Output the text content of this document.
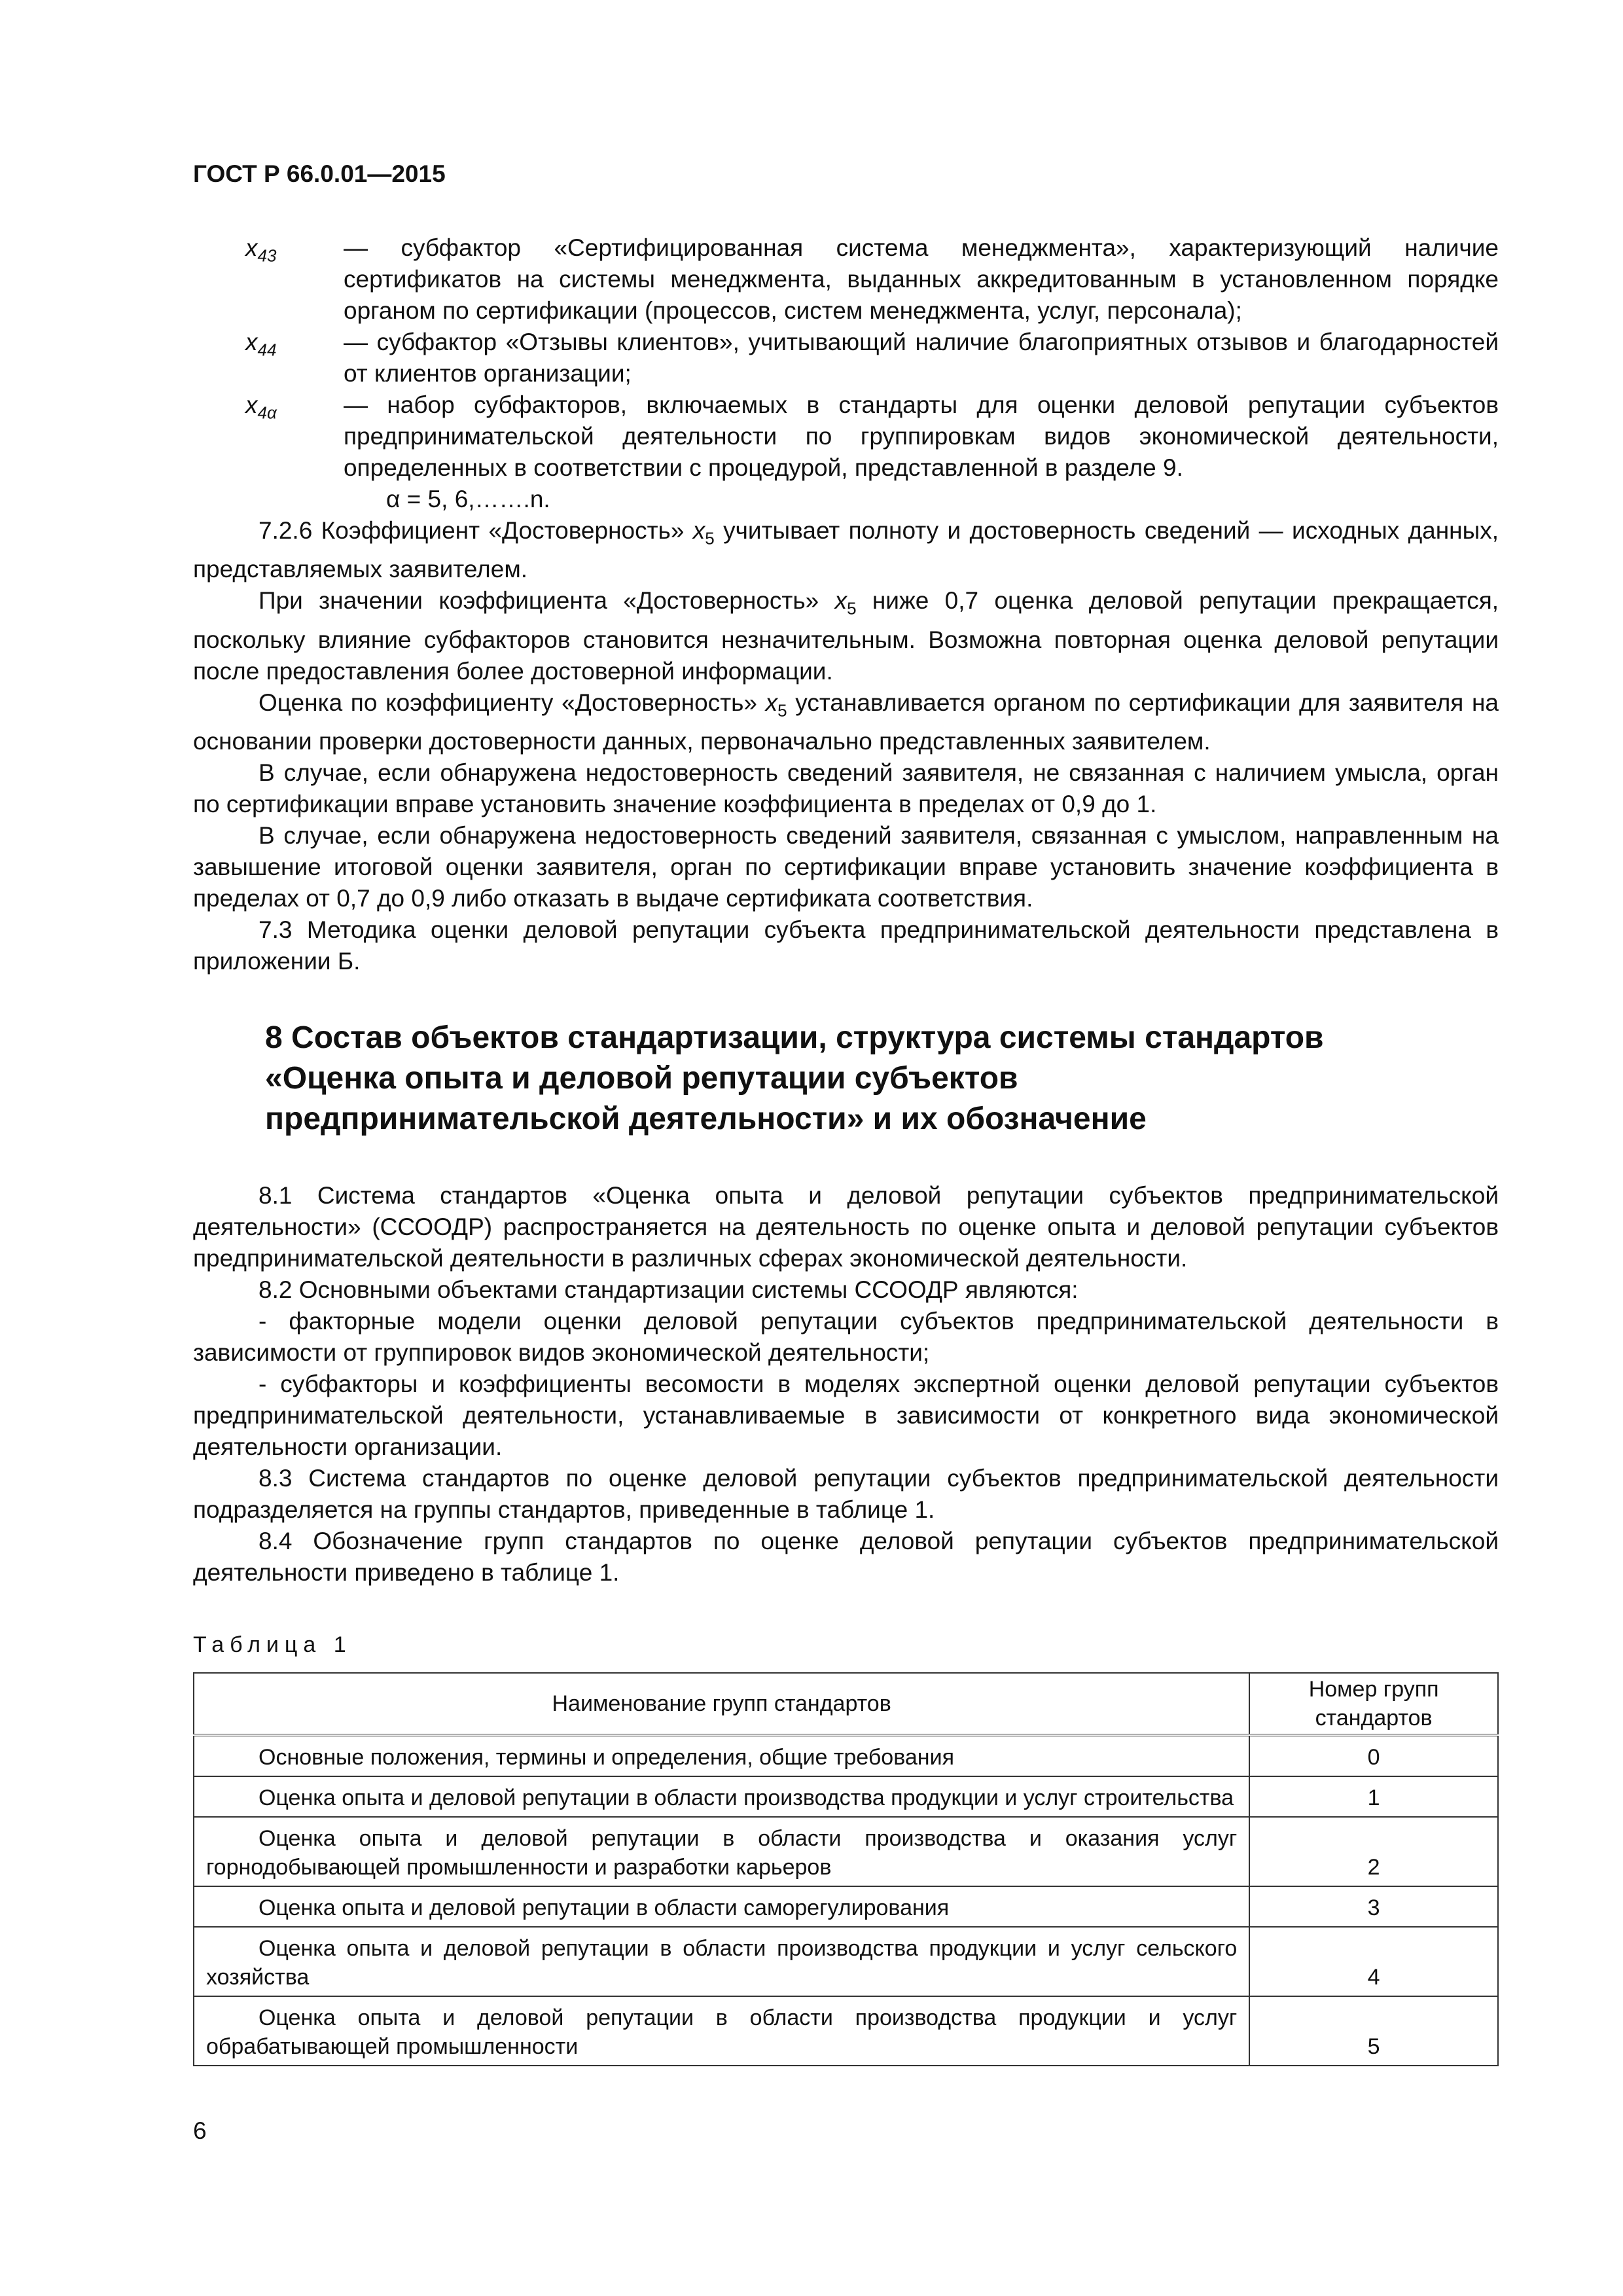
ГОСТ Р 66.0.01—2015
$x_{43}$	— субфактор «Сертифицированная система менеджмента», характеризующий наличие сертификатов на системы менеджмента, выданных аккредитованным в установленном порядке органом по сертификации (процессов, систем менеджмента, услуг, персонала);
$x_{44}$	— субфактор «Отзывы клиентов», учитывающий наличие благоприятных отзывов и благодарностей от клиентов организации;
$x_{4\alpha}$	— набор субфакторов, включаемых в стандарты для оценки деловой репутации субъектов предпринимательской деятельности по группировкам видов экономической деятельности, определенных в соответствии с процедурой, представленной в разделе 9.
α = 5, 6,…….n.

7.2.6 Коэффициент «Достоверность» $x_5$ учитывает полноту и достоверность сведений — исходных данных, представляемых заявителем.

При значении коэффициента «Достоверность» $x_5$ ниже 0,7 оценка деловой репутации прекращается, поскольку влияние субфакторов становится незначительным. Возможна повторная оценка деловой репутации после предоставления более достоверной информации.

Оценка по коэффициенту «Достоверность» $x_5$ устанавливается органом по сертификации для заявителя на основании проверки достоверности данных, первоначально представленных заявителем.

В случае, если обнаружена недостоверность сведений заявителя, не связанная с наличием умысла, орган по сертификации вправе установить значение коэффициента в пределах от 0,9 до 1.

В случае, если обнаружена недостоверность сведений заявителя, связанная с умыслом, направленным на завышение итоговой оценки заявителя, орган по сертификации вправе установить значение коэффициента в пределах от 0,7 до 0,9 либо отказать в выдаче сертификата соответствия.

7.3 Методика оценки деловой репутации субъекта предпринимательской деятельности представлена в приложении Б.

8 Состав объектов стандартизации, структура системы стандартов «Оценка опыта и деловой репутации субъектов предпринимательской деятельности» и их обозначение

8.1 Система стандартов «Оценка опыта и деловой репутации субъектов предпринимательской деятельности» (ССООДР) распространяется на деятельность по оценке опыта и деловой репутации субъектов предпринимательской деятельности в различных сферах экономической деятельности.

8.2 Основными объектами стандартизации системы ССООДР являются:

- факторные модели оценки деловой репутации субъектов предпринимательской деятельности в зависимости от группировок видов экономической деятельности;

- субфакторы и коэффициенты весомости в моделях экспертной оценки деловой репутации субъектов предпринимательской деятельности, устанавливаемые в зависимости от конкретного вида экономической деятельности организации.

8.3 Система стандартов по оценке деловой репутации субъектов предпринимательской деятельности подразделяется на группы стандартов, приведенные в таблице 1.

8.4 Обозначение групп стандартов по оценке деловой репутации субъектов предпринимательской деятельности приведено в таблице 1.

Таблица 1
Наименование групп стандартов	Номер групп стандартов
Основные положения, термины и определения, общие требования	0
Оценка опыта и деловой репутации в области производства продукции и услуг строительства	1
Оценка опыта и деловой репутации в области производства и оказания услуг горнодобывающей промышленности и разработки карьеров	2
Оценка опыта и деловой репутации в области саморегулирования	3
Оценка опыта и деловой репутации в области производства продукции и услуг сельского хозяйства	4
Оценка опыта и деловой репутации в области производства продукции и услуг обрабатывающей промышленности	5
6
